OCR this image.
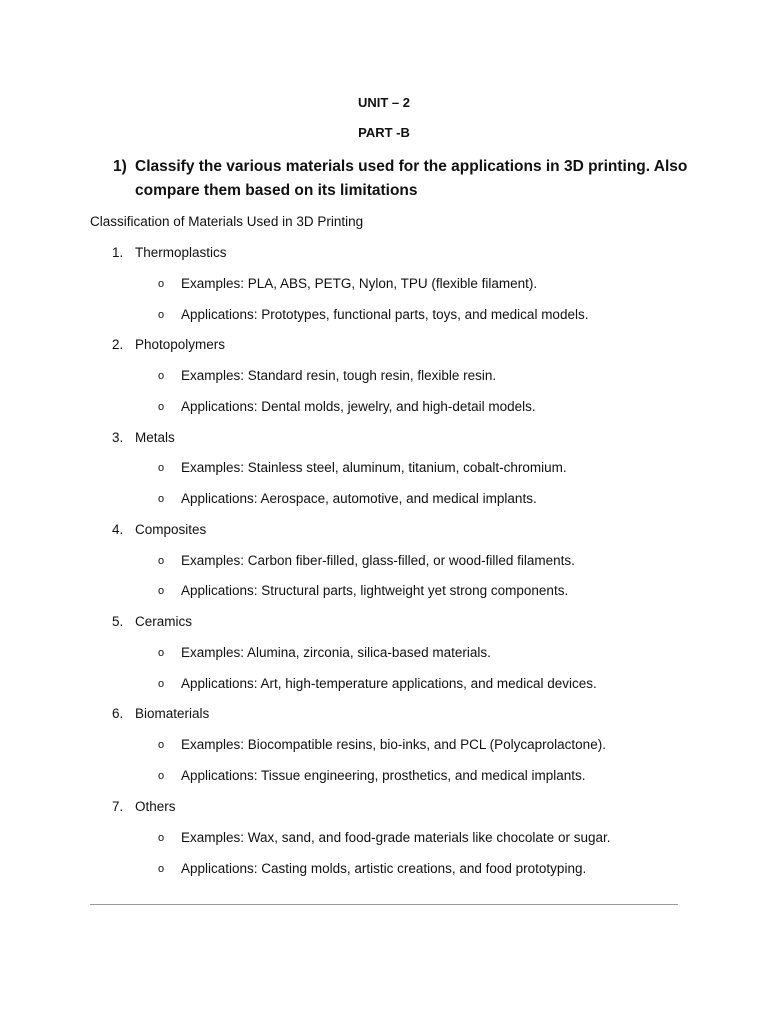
UNIT – 2
PART -B
1) Classify the various materials used for the applications in 3D printing. Also compare them based on its limitations
Classification of Materials Used in 3D Printing
1. Thermoplastics
o Examples: PLA, ABS, PETG, Nylon, TPU (flexible filament).
o Applications: Prototypes, functional parts, toys, and medical models.
2. Photopolymers
o Examples: Standard resin, tough resin, flexible resin.
o Applications: Dental molds, jewelry, and high-detail models.
3. Metals
o Examples: Stainless steel, aluminum, titanium, cobalt-chromium.
o Applications: Aerospace, automotive, and medical implants.
4. Composites
o Examples: Carbon fiber-filled, glass-filled, or wood-filled filaments.
o Applications: Structural parts, lightweight yet strong components.
5. Ceramics
o Examples: Alumina, zirconia, silica-based materials.
o Applications: Art, high-temperature applications, and medical devices.
6. Biomaterials
o Examples: Biocompatible resins, bio-inks, and PCL (Polycaprolactone).
o Applications: Tissue engineering, prosthetics, and medical implants.
7. Others
o Examples: Wax, sand, and food-grade materials like chocolate or sugar.
o Applications: Casting molds, artistic creations, and food prototyping.
